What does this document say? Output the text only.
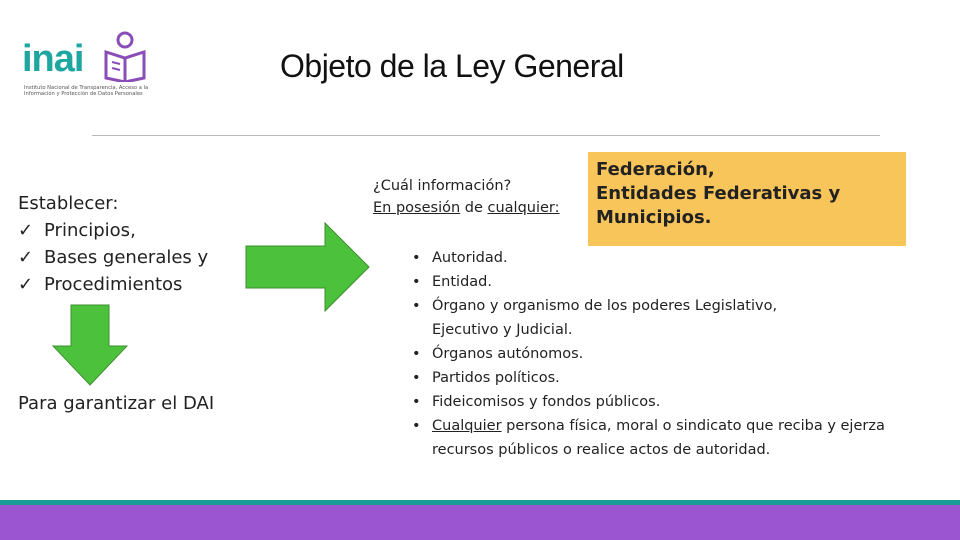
inai
Instituto Nacional de Transparencia, Acceso a la Información y Protección de Datos Personales
Objeto de la Ley General
Establecer:
✓ Principios,
✓ Bases generales y
✓ Procedimientos
Para garantizar el DAI
¿Cuál información?
En posesión de cualquier:
Federación,
Entidades Federativas y
Municipios.
• Autoridad.
• Entidad.
• Órgano y organismo de los poderes Legislativo, Ejecutivo y Judicial.
• Órganos autónomos.
• Partidos políticos.
• Fideicomisos y fondos públicos.
• Cualquier persona física, moral o sindicato que reciba y ejerza recursos públicos o realice actos de autoridad.
